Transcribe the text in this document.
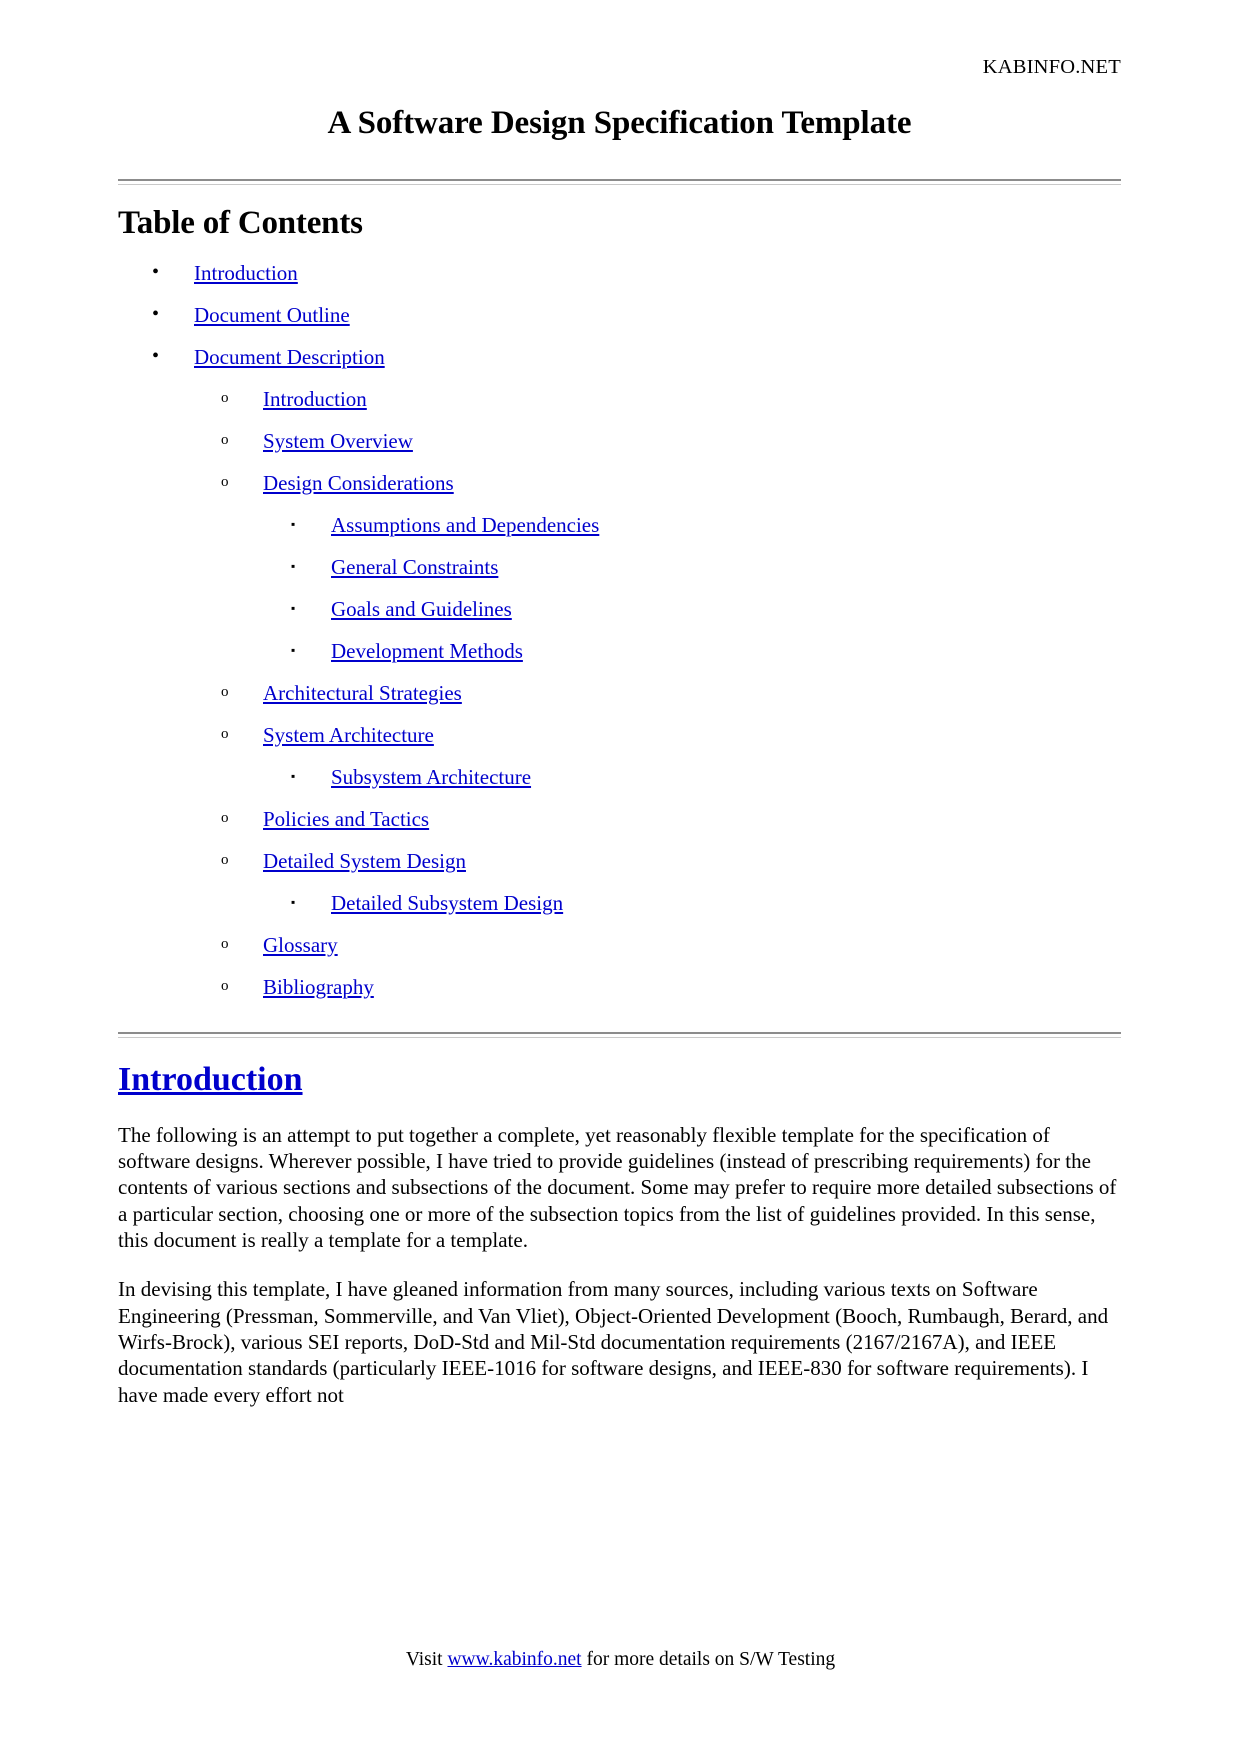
KABINFO.NET
A Software Design Specification Template
Table of Contents
• Introduction
• Document Outline
• Document Description
o Introduction
o System Overview
o Design Considerations
▪ Assumptions and Dependencies
▪ General Constraints
▪ Goals and Guidelines
▪ Development Methods
o Architectural Strategies
o System Architecture
▪ Subsystem Architecture
o Policies and Tactics
o Detailed System Design
▪ Detailed Subsystem Design
o Glossary
o Bibliography
Introduction

The following is an attempt to put together a complete, yet reasonably flexible template for the specification of software designs. Wherever possible, I have tried to provide guidelines (instead of prescribing requirements) for the contents of various sections and subsections of the document. Some may prefer to require more detailed subsections of a particular section, choosing one or more of the subsection topics from the list of guidelines provided. In this sense, this document is really a template for a template.

In devising this template, I have gleaned information from many sources, including various texts on Software Engineering (Pressman, Sommerville, and Van Vliet), Object-Oriented Development (Booch, Rumbaugh, Berard, and Wirfs-Brock), various SEI reports, DoD-Std and Mil-Std documentation requirements (2167/2167A), and IEEE documentation standards (particularly IEEE-1016 for software designs, and IEEE-830 for software requirements). I have made every effort not

Visit www.kabinfo.net for more details on S/W Testing
